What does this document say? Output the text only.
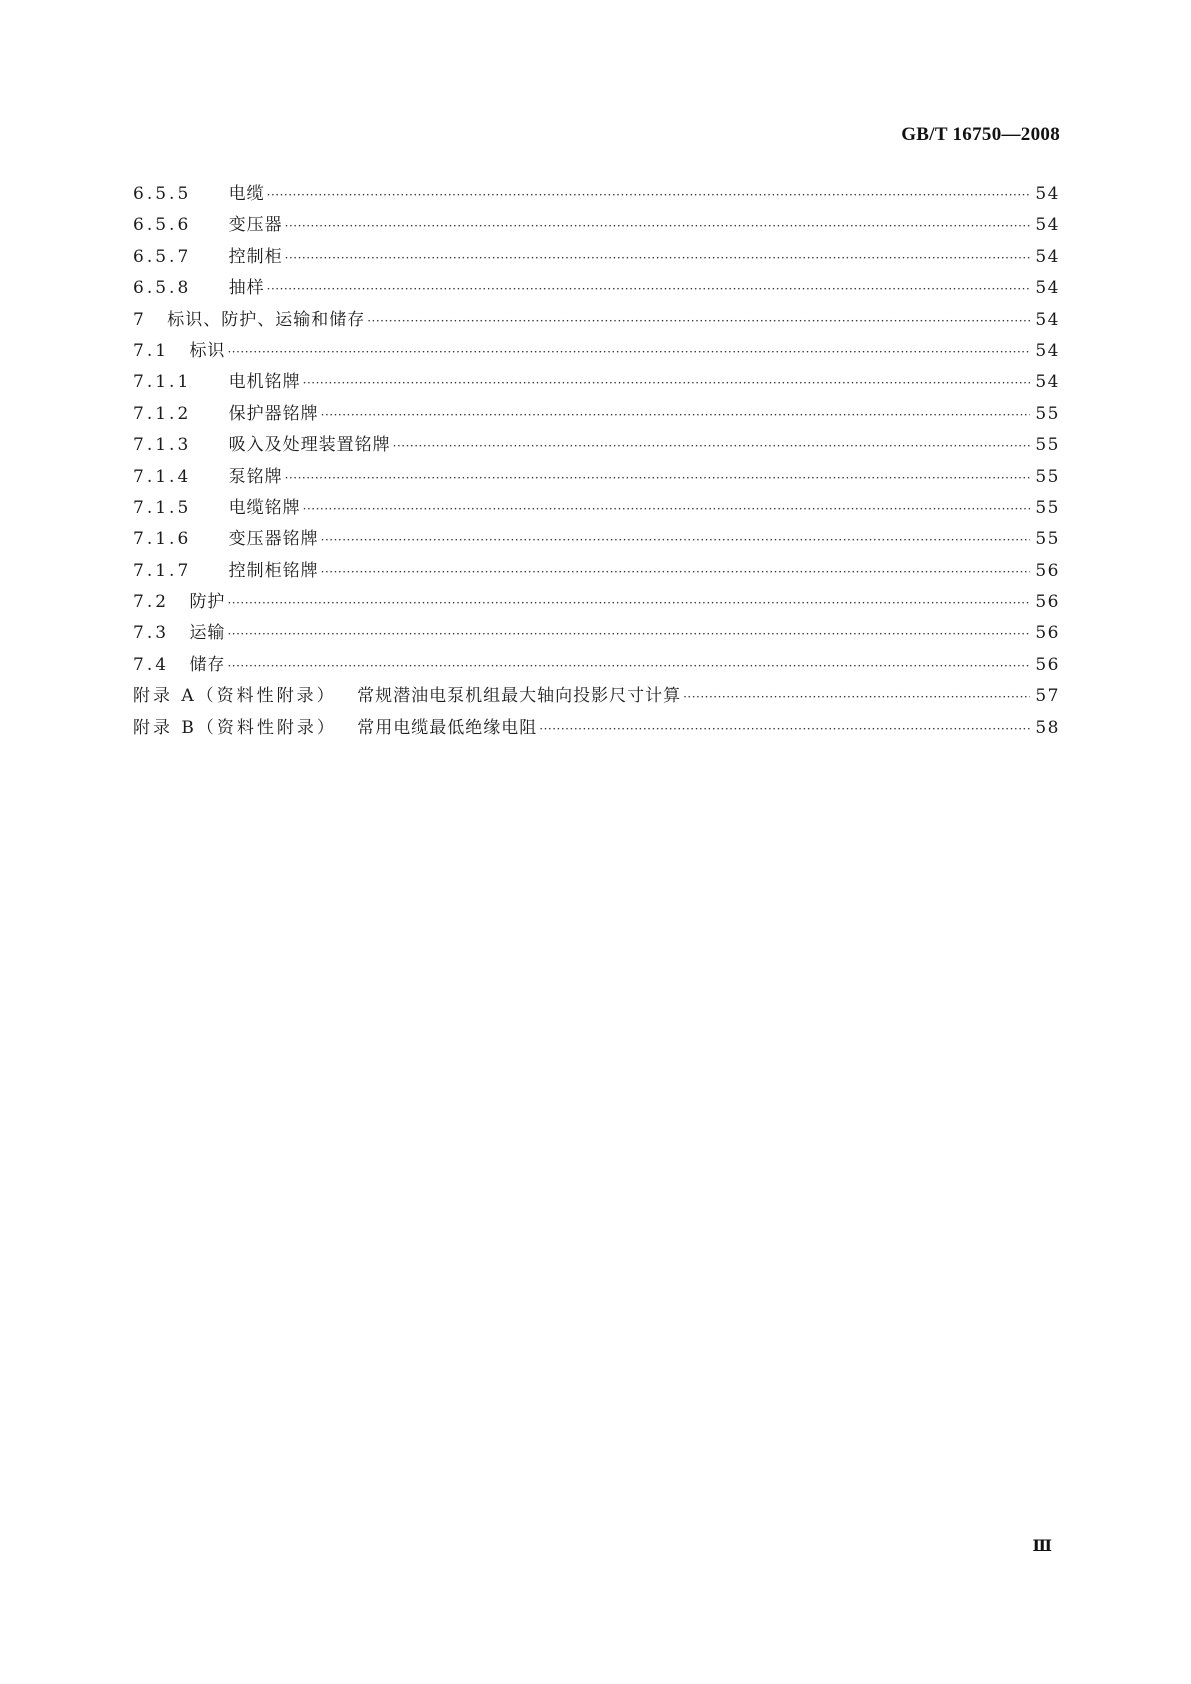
GB/T 16750—2008
6.5.5 电缆 ·····	54
6.5.6 变压器 ·····	54
6.5.7 控制柜 ·····	54
6.5.8 抽样 ·····	54
7 标识、防护、运输和储存 ·····	54
7.1 标识 ·····	54
7.1.1 电机铭牌 ·····	54
7.1.2 保护器铭牌 ·····	55
7.1.3 吸入及处理装置铭牌 ·····	55
7.1.4 泵铭牌 ·····	55
7.1.5 电缆铭牌 ·····	55
7.1.6 变压器铭牌 ·····	55
7.1.7 控制柜铭牌 ·····	56
7.2 防护 ·····	56
7.3 运输 ·····	56
7.4 储存 ·····	56
附录 A（资料性附录） 常规潜油电泵机组最大轴向投影尺寸计算 ·····	57
附录 B（资料性附录） 常用电缆最低绝缘电阻 ·····	58
Ⅲ
